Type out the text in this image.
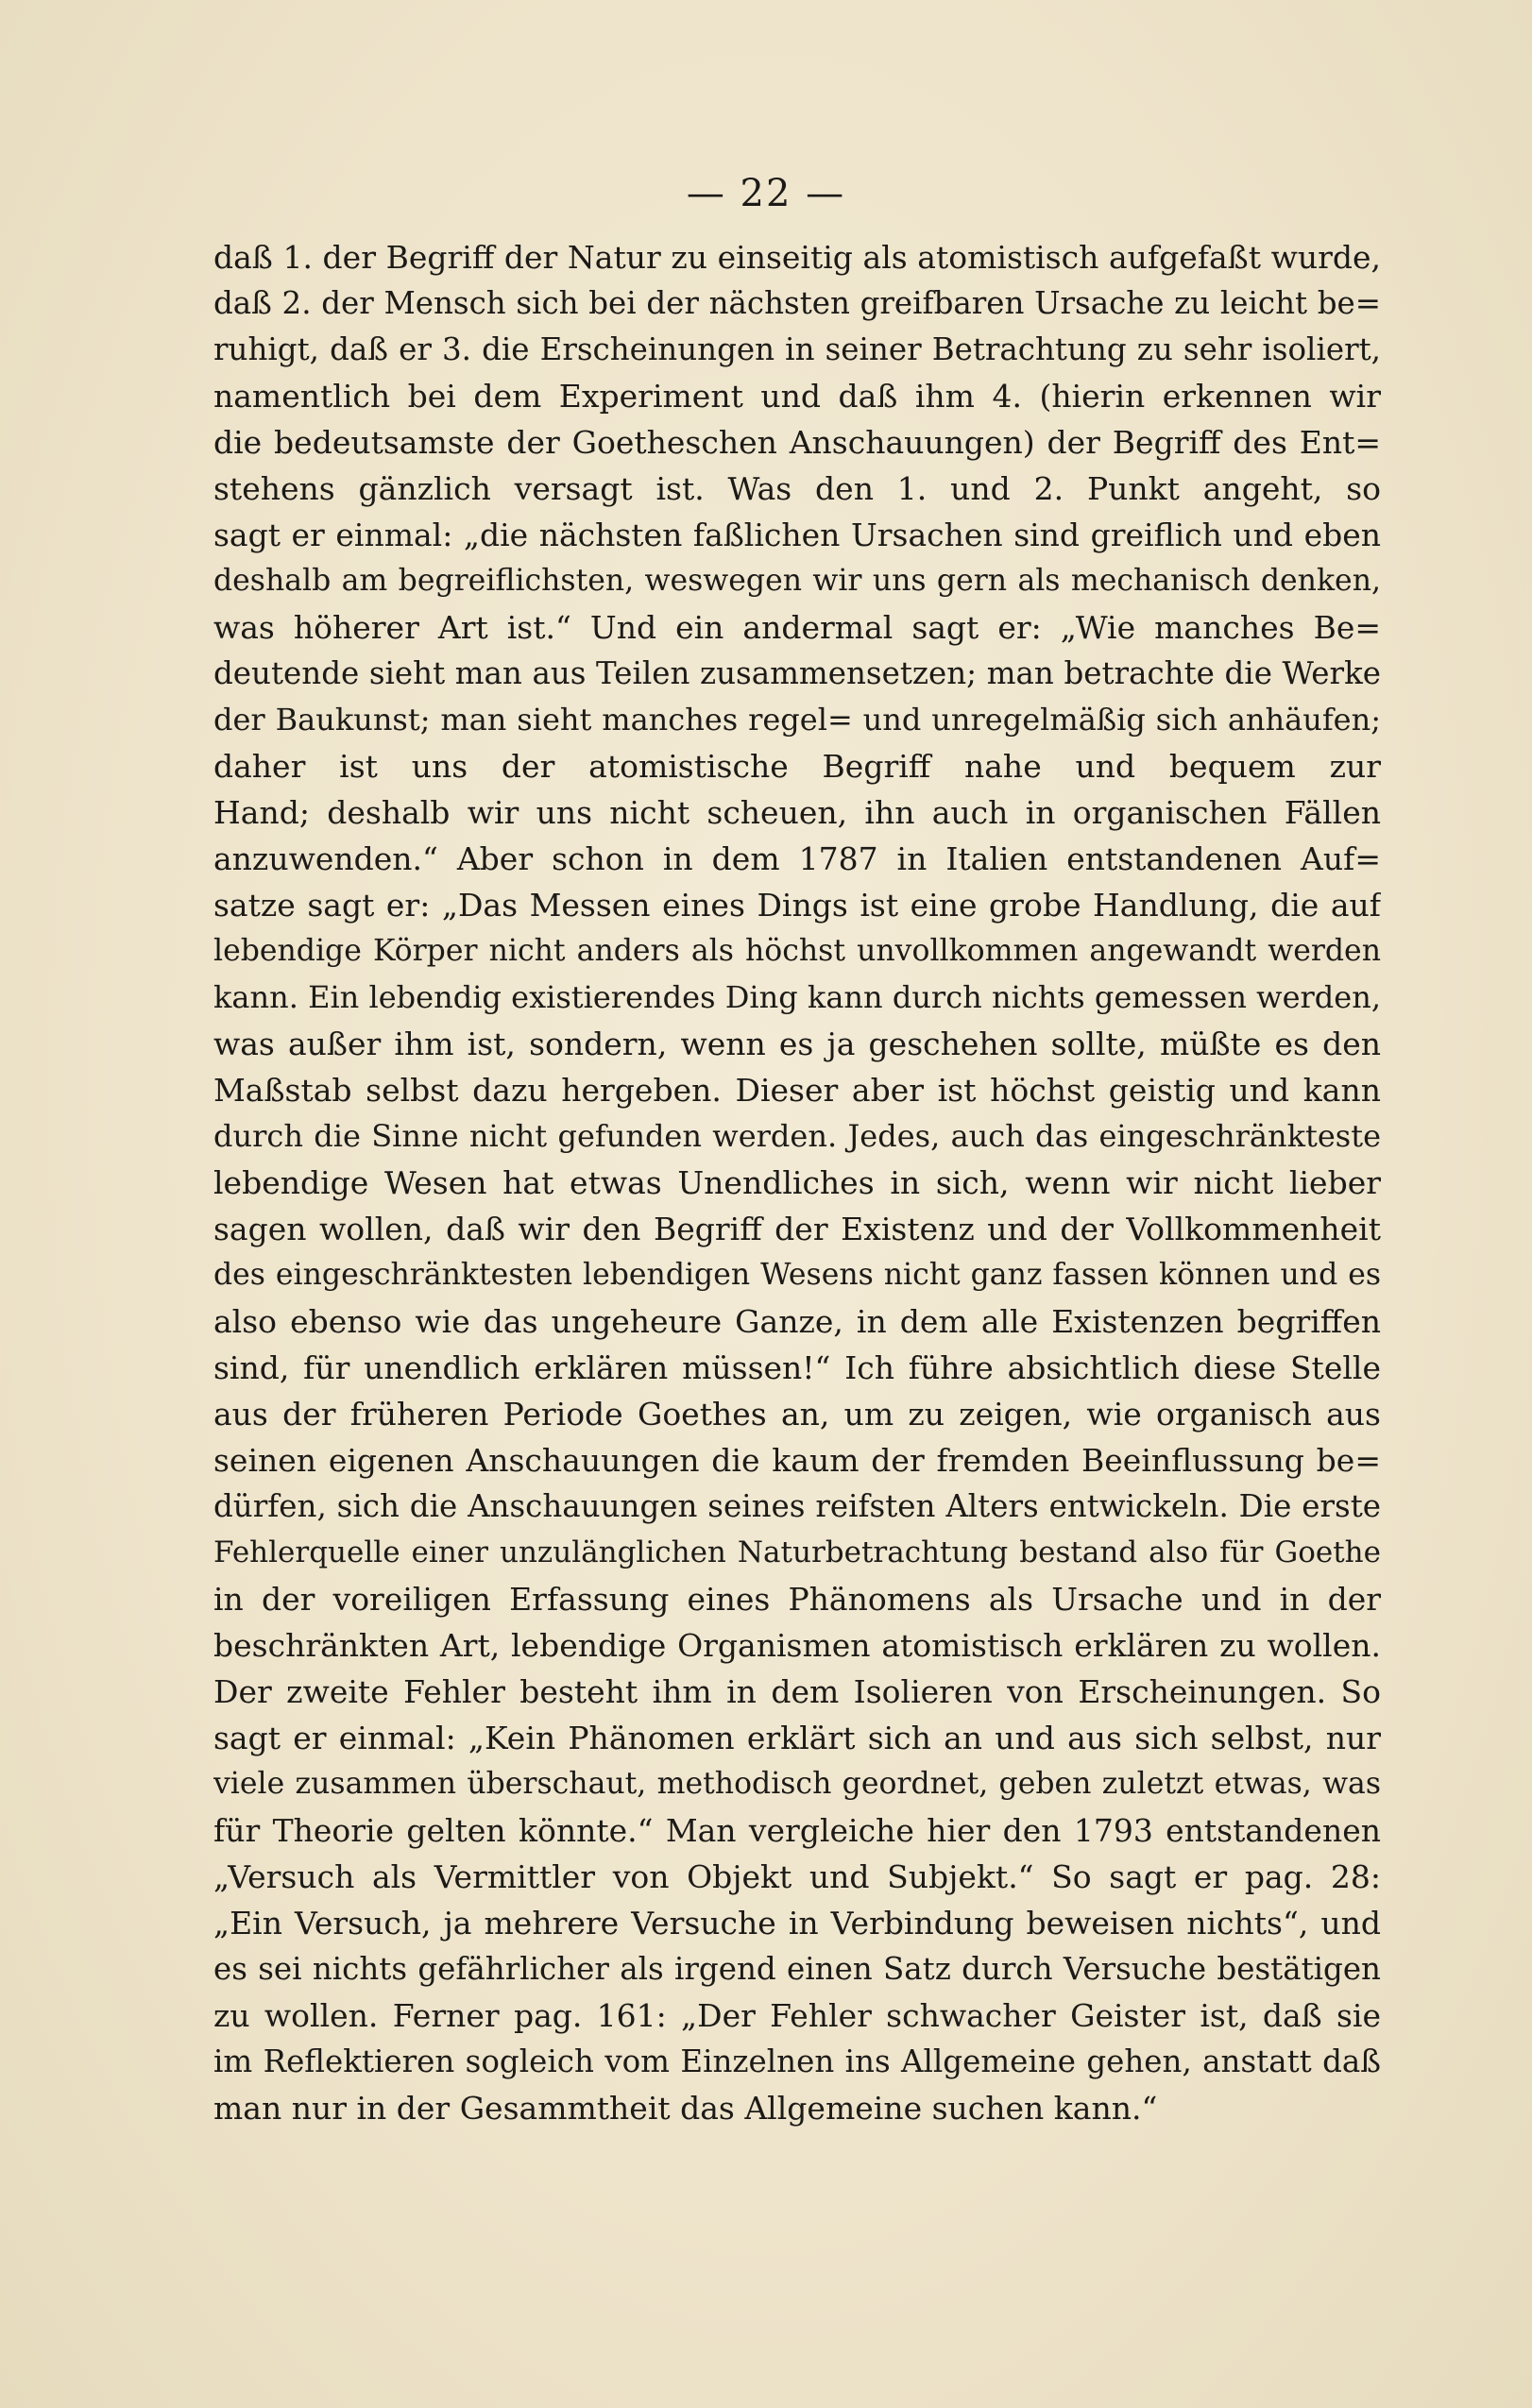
— 22 —
daß 1. der Begriff der Natur zu einseitig als atomistisch aufgefaßt wurde,
daß 2. der Mensch sich bei der nächsten greifbaren Ursache zu leicht be=
ruhigt, daß er 3. die Erscheinungen in seiner Betrachtung zu sehr isoliert,
namentlich bei dem Experiment und daß ihm 4. (hierin erkennen wir
die bedeutsamste der Goetheschen Anschauungen) der Begriff des Ent=
stehens gänzlich versagt ist. Was den 1. und 2. Punkt angeht, so
sagt er einmal: „die nächsten faßlichen Ursachen sind greiflich und eben
deshalb am begreiflichsten, weswegen wir uns gern als mechanisch denken,
was höherer Art ist.“ Und ein andermal sagt er: „Wie manches Be=
deutende sieht man aus Teilen zusammensetzen; man betrachte die Werke
der Baukunst; man sieht manches regel= und unregelmäßig sich anhäufen;
daher ist uns der atomistische Begriff nahe und bequem zur
Hand; deshalb wir uns nicht scheuen, ihn auch in organischen Fällen
anzuwenden.“ Aber schon in dem 1787 in Italien entstandenen Auf=
satze sagt er: „Das Messen eines Dings ist eine grobe Handlung, die auf
lebendige Körper nicht anders als höchst unvollkommen angewandt werden
kann. Ein lebendig existierendes Ding kann durch nichts gemessen werden,
was außer ihm ist, sondern, wenn es ja geschehen sollte, müßte es den
Maßstab selbst dazu hergeben. Dieser aber ist höchst geistig und kann
durch die Sinne nicht gefunden werden. Jedes, auch das eingeschränkteste
lebendige Wesen hat etwas Unendliches in sich, wenn wir nicht lieber
sagen wollen, daß wir den Begriff der Existenz und der Vollkommenheit
des eingeschränktesten lebendigen Wesens nicht ganz fassen können und es
also ebenso wie das ungeheure Ganze, in dem alle Existenzen begriffen
sind, für unendlich erklären müssen!“ Ich führe absichtlich diese Stelle
aus der früheren Periode Goethes an, um zu zeigen, wie organisch aus
seinen eigenen Anschauungen die kaum der fremden Beeinflussung be=
dürfen, sich die Anschauungen seines reifsten Alters entwickeln. Die erste
Fehlerquelle einer unzulänglichen Naturbetrachtung bestand also für Goethe
in der voreiligen Erfassung eines Phänomens als Ursache und in der
beschränkten Art, lebendige Organismen atomistisch erklären zu wollen.
Der zweite Fehler besteht ihm in dem Isolieren von Erscheinungen. So
sagt er einmal: „Kein Phänomen erklärt sich an und aus sich selbst, nur
viele zusammen überschaut, methodisch geordnet, geben zuletzt etwas, was
für Theorie gelten könnte.“ Man vergleiche hier den 1793 entstandenen
„Versuch als Vermittler von Objekt und Subjekt.“ So sagt er pag. 28:
„Ein Versuch, ja mehrere Versuche in Verbindung beweisen nichts“, und
es sei nichts gefährlicher als irgend einen Satz durch Versuche bestätigen
zu wollen. Ferner pag. 161: „Der Fehler schwacher Geister ist, daß sie
im Reflektieren sogleich vom Einzelnen ins Allgemeine gehen, anstatt daß
man nur in der Gesammtheit das Allgemeine suchen kann.“
